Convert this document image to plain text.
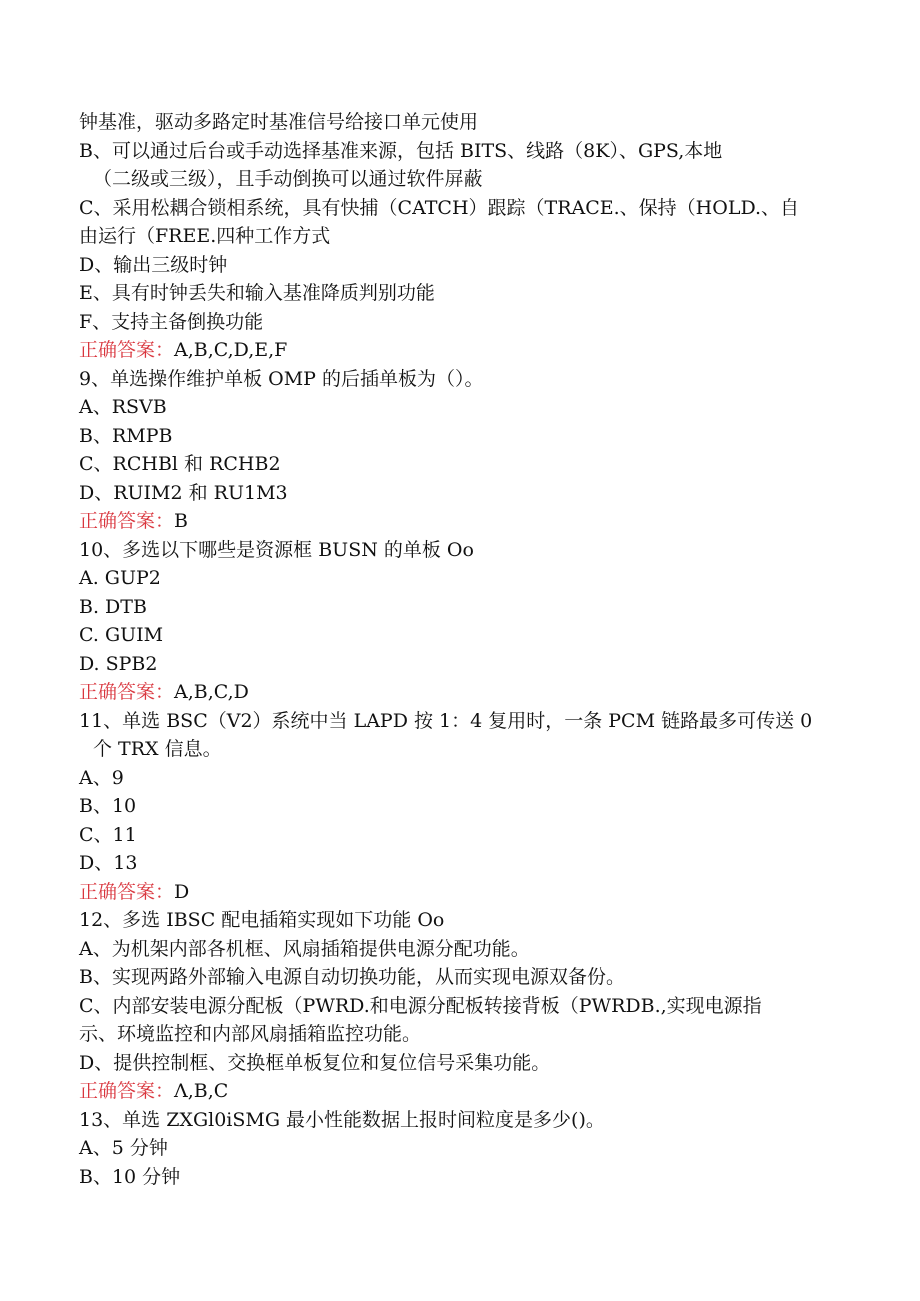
钟基准，驱动多路定时基准信号给接口单元使用
B、可以通过后台或手动选择基准来源，包括 BITS、线路（8K）、GPS,本地
（二级或三级），且手动倒换可以通过软件屏蔽
C、采用松耦合锁相系统，具有快捕（CATCH）跟踪（TRACE.、保持（HOLD.、自
由运行（FREE.四种工作方式
D、输出三级时钟
E、具有时钟丢失和输入基准降质判别功能
F、支持主备倒换功能
正确答案：A,B,C,D,E,F
9、单选操作维护单板 OMP 的后插单板为（）。
A、RSVB
B、RMPB
C、RCHBl 和 RCHB2
D、RUIM2 和 RU1M3
正确答案：B
10、多选以下哪些是资源框 BUSN 的单板 Oo
A. GUP2
B. DTB
C. GUIM
D. SPB2
正确答案：A,B,C,D
11、单选 BSC（V2）系统中当 LAPD 按 1：4 复用时，一条 PCM 链路最多可传送 0
个 TRX 信息。
A、9
B、10
C、11
D、13
正确答案：D
12、多选 IBSC 配电插箱实现如下功能 Oo
A、为机架内部各机框、风扇插箱提供电源分配功能。
B、实现两路外部输入电源自动切换功能，从而实现电源双备份。
C、内部安装电源分配板（PWRD.和电源分配板转接背板（PWRDB.,实现电源指
示、环境监控和内部风扇插箱监控功能。
D、提供控制框、交换框单板复位和复位信号采集功能。
正确答案：Λ,B,C
13、单选 ZXGl0iSMG 最小性能数据上报时间粒度是多少()。
A、5 分钟
B、10 分钟
